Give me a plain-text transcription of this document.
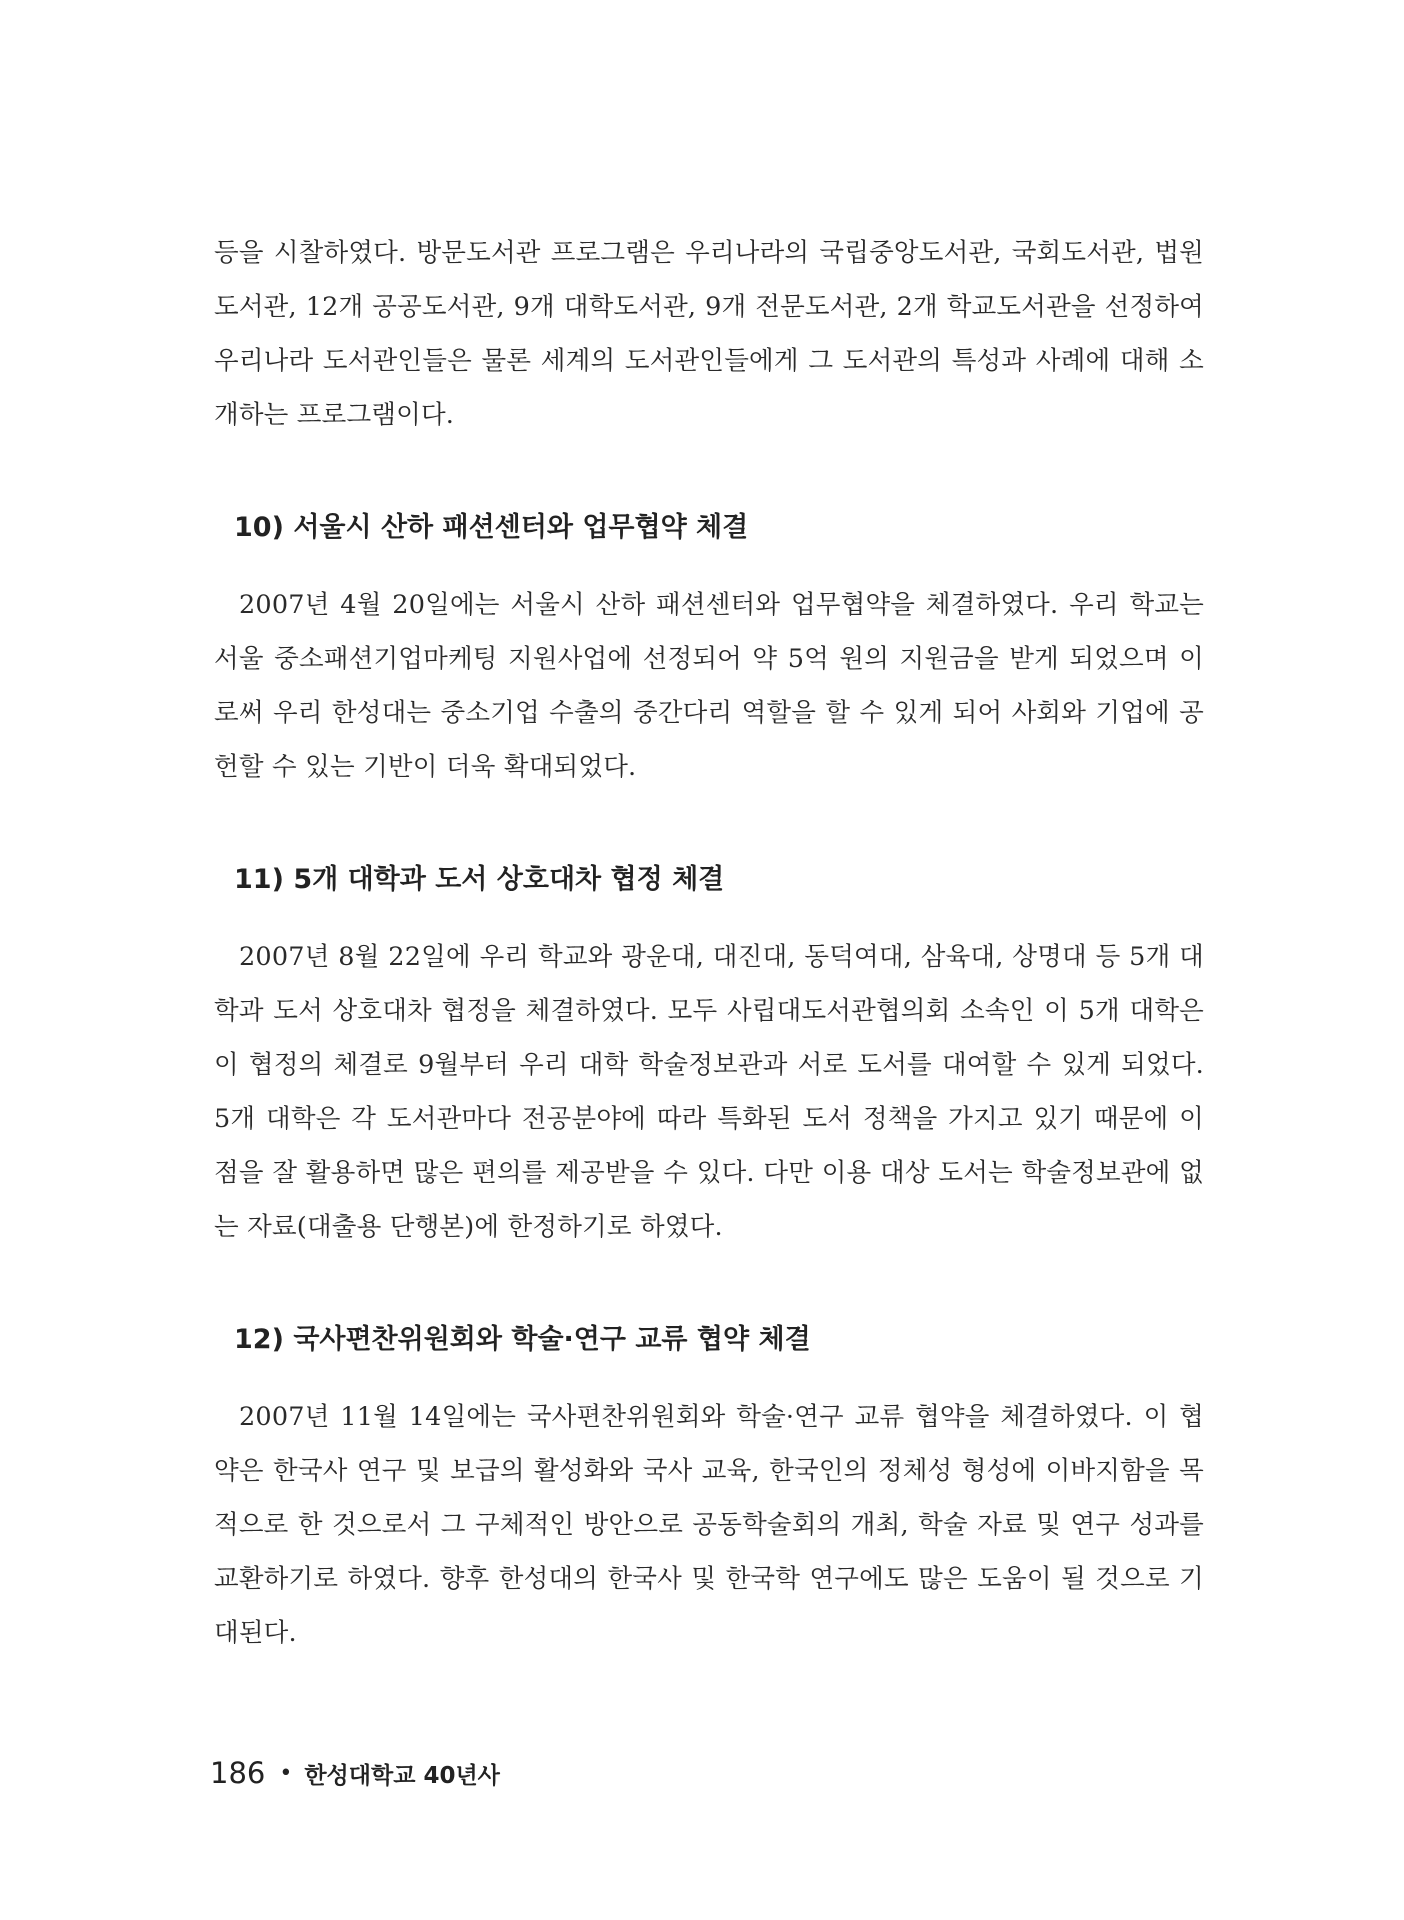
등을 시찰하였다. 방문도서관 프로그램은 우리나라의 국립중앙도서관, 국회도서관, 법원도서관, 12개 공공도서관, 9개 대학도서관, 9개 전문도서관, 2개 학교도서관을 선정하여 우리나라 도서관인들은 물론 세계의 도서관인들에게 그 도서관의 특성과 사례에 대해 소개하는 프로그램이다.

10) 서울시 산하 패션센터와 업무협약 체결

2007년 4월 20일에는 서울시 산하 패션센터와 업무협약을 체결하였다. 우리 학교는 서울 중소패션기업마케팅 지원사업에 선정되어 약 5억 원의 지원금을 받게 되었으며 이로써 우리 한성대는 중소기업 수출의 중간다리 역할을 할 수 있게 되어 사회와 기업에 공헌할 수 있는 기반이 더욱 확대되었다.

11) 5개 대학과 도서 상호대차 협정 체결

2007년 8월 22일에 우리 학교와 광운대, 대진대, 동덕여대, 삼육대, 상명대 등 5개 대학과 도서 상호대차 협정을 체결하였다. 모두 사립대도서관협의회 소속인 이 5개 대학은 이 협정의 체결로 9월부터 우리 대학 학술정보관과 서로 도서를 대여할 수 있게 되었다. 5개 대학은 각 도서관마다 전공분야에 따라 특화된 도서 정책을 가지고 있기 때문에 이 점을 잘 활용하면 많은 편의를 제공받을 수 있다. 다만 이용 대상 도서는 학술정보관에 없는 자료(대출용 단행본)에 한정하기로 하였다.

12) 국사편찬위원회와 학술·연구 교류 협약 체결

2007년 11월 14일에는 국사편찬위원회와 학술·연구 교류 협약을 체결하였다. 이 협약은 한국사 연구 및 보급의 활성화와 국사 교육, 한국인의 정체성 형성에 이바지함을 목적으로 한 것으로서 그 구체적인 방안으로 공동학술회의 개최, 학술 자료 및 연구 성과를 교환하기로 하였다. 향후 한성대의 한국사 및 한국학 연구에도 많은 도움이 될 것으로 기대된다.

186 • 한성대학교 40년사
